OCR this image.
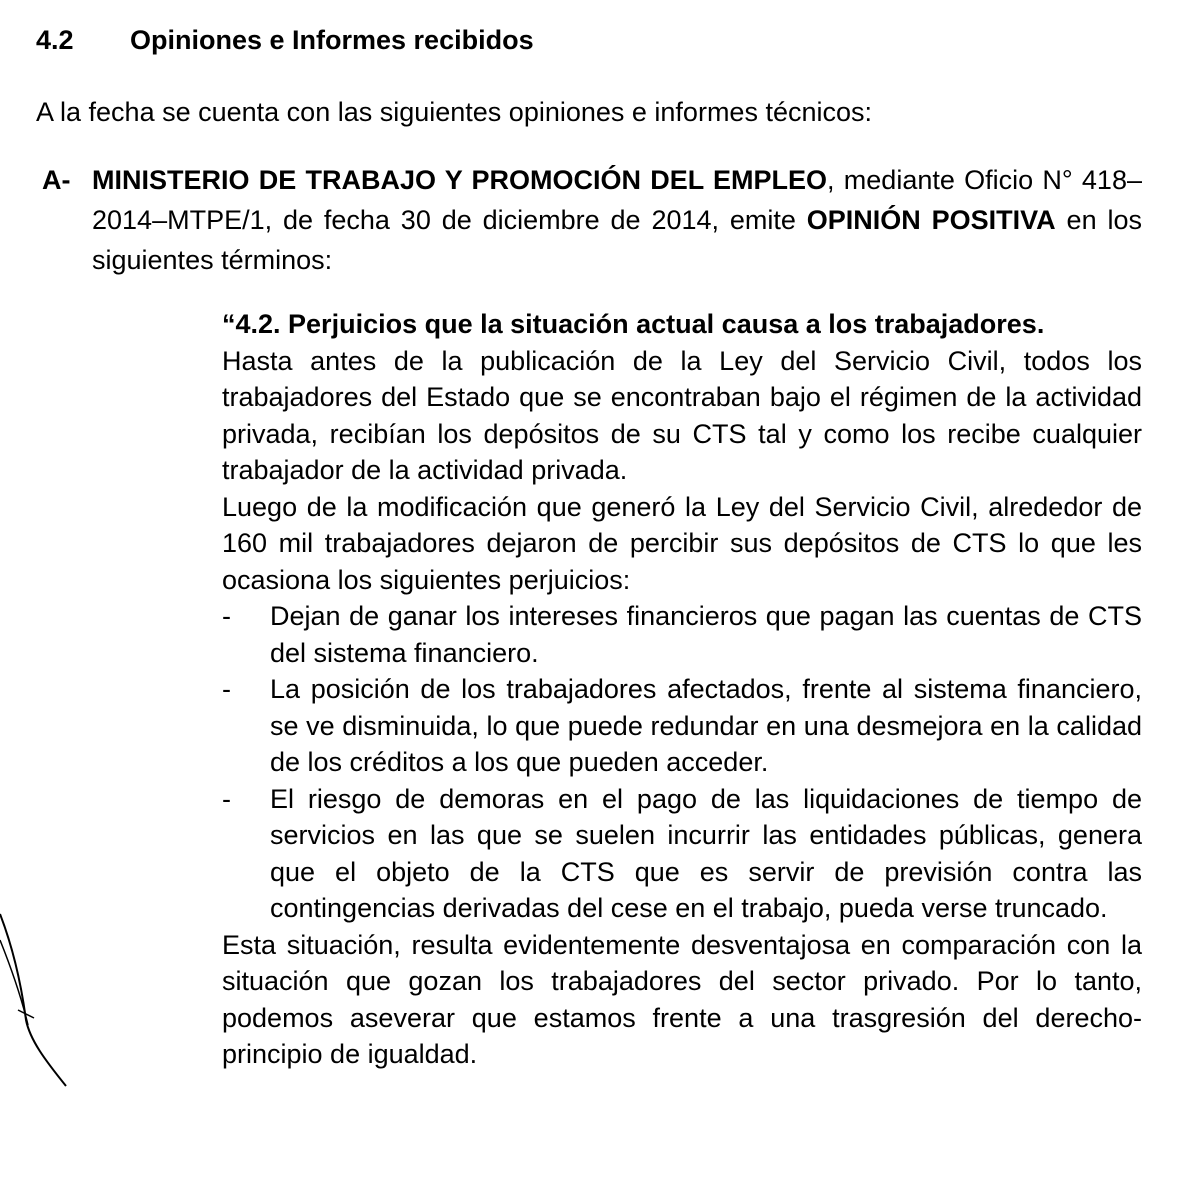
4.2 Opiniones e Informes recibidos
A la fecha se cuenta con las siguientes opiniones e informes técnicos:
A- MINISTERIO DE TRABAJO Y PROMOCIÓN DEL EMPLEO, mediante Oficio N° 418–2014–MTPE/1, de fecha 30 de diciembre de 2014, emite OPINIÓN POSITIVA en los siguientes términos:

“4.2. Perjuicios que la situación actual causa a los trabajadores.

Hasta antes de la publicación de la Ley del Servicio Civil, todos los trabajadores del Estado que se encontraban bajo el régimen de la actividad privada, recibían los depósitos de su CTS tal y como los recibe cualquier trabajador de la actividad privada.

Luego de la modificación que generó la Ley del Servicio Civil, alrededor de 160 mil trabajadores dejaron de percibir sus depósitos de CTS lo que les ocasiona los siguientes perjuicios:

-	Dejan de ganar los intereses financieros que pagan las cuentas de CTS del sistema financiero.
-	La posición de los trabajadores afectados, frente al sistema financiero, se ve disminuida, lo que puede redundar en una desmejora en la calidad de los créditos a los que pueden acceder.
-	El riesgo de demoras en el pago de las liquidaciones de tiempo de servicios en las que se suelen incurrir las entidades públicas, genera que el objeto de la CTS que es servir de previsión contra las contingencias derivadas del cese en el trabajo, pueda verse truncado.

Esta situación, resulta evidentemente desventajosa en comparación con la situación que gozan los trabajadores del sector privado. Por lo tanto, podemos aseverar que estamos frente a una trasgresión del derecho-principio de igualdad.
